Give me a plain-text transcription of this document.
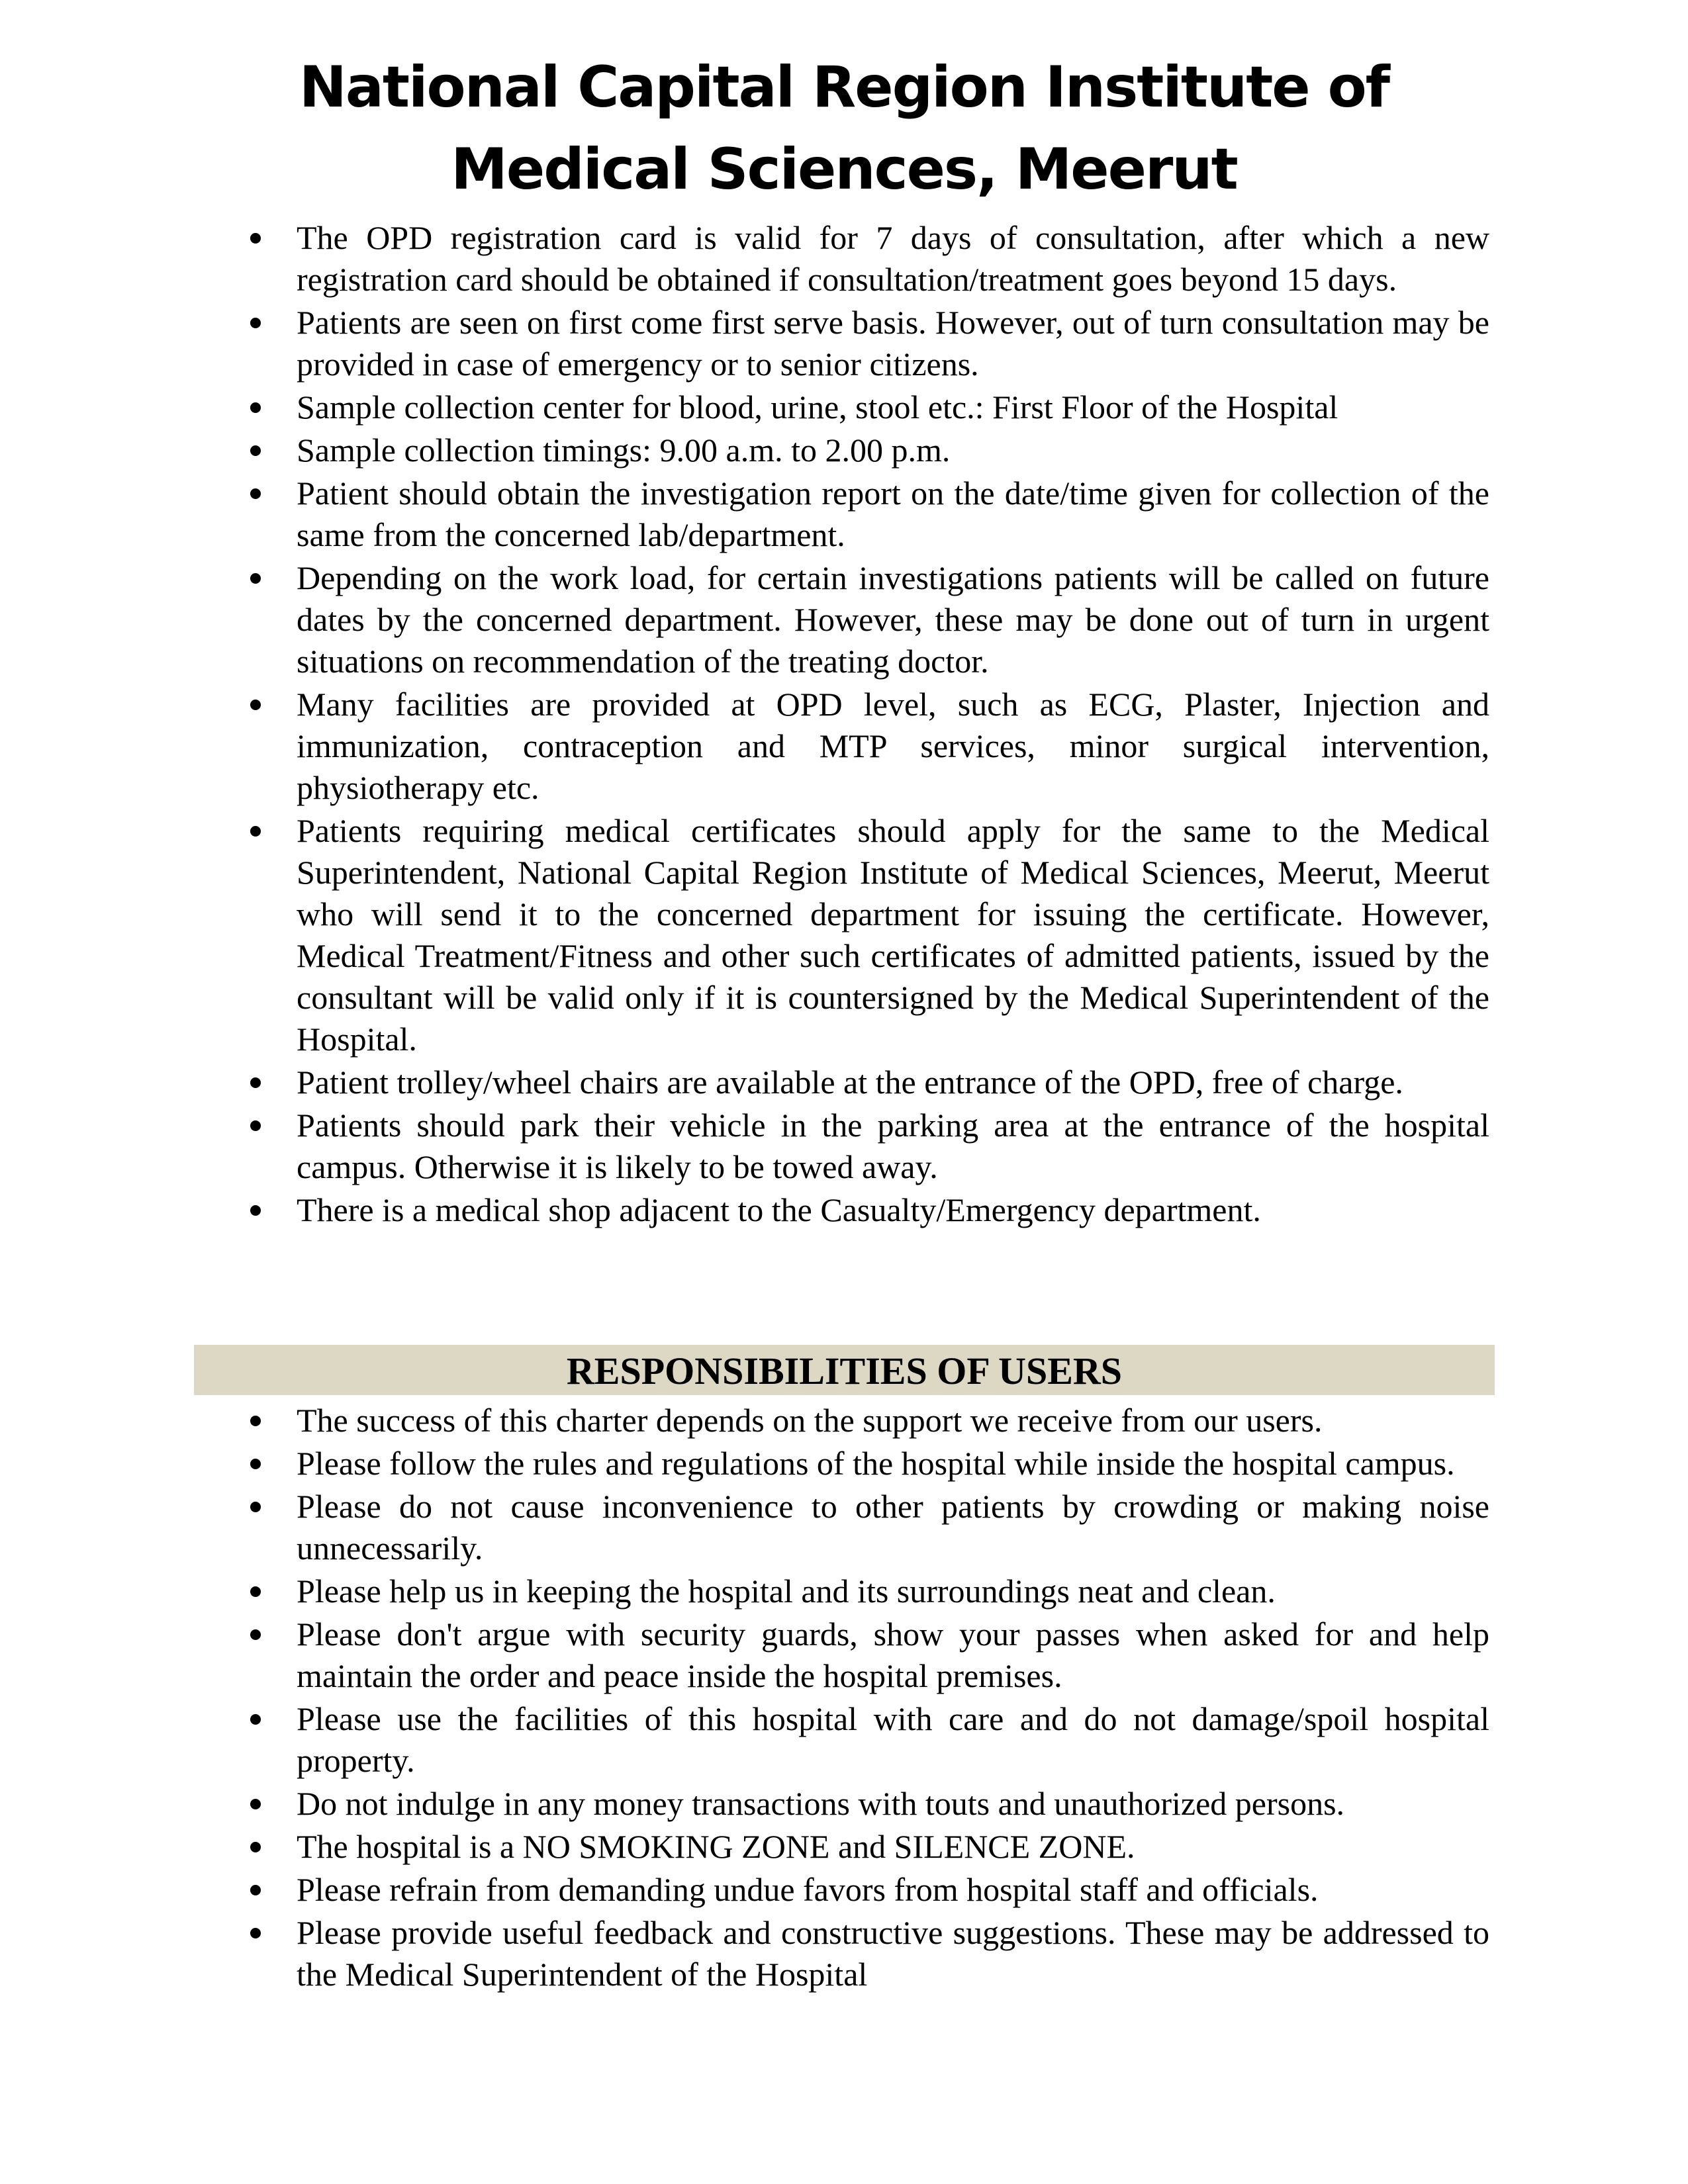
National Capital Region Institute of
Medical Sciences, Meerut
The OPD registration card is valid for 7 days of consultation, after which a new registration card should be obtained if consultation/treatment goes beyond 15 days.
Patients are seen on first come first serve basis. However, out of turn consultation may be provided in case of emergency or to senior citizens.
Sample collection center for blood, urine, stool etc.: First Floor of the Hospital
Sample collection timings: 9.00 a.m. to 2.00 p.m.
Patient should obtain the investigation report on the date/time given for collection of the same from the concerned lab/department.
Depending on the work load, for certain investigations patients will be called on future dates by the concerned department. However, these may be done out of turn in urgent situations on recommendation of the treating doctor.
Many facilities are provided at OPD level, such as ECG, Plaster, Injection and immunization, contraception and MTP services, minor surgical intervention, physiotherapy etc.
Patients requiring medical certificates should apply for the same to the Medical Superintendent, National Capital Region Institute of Medical Sciences, Meerut, Meerut who will send it to the concerned department for issuing the certificate. However, Medical Treatment/Fitness and other such certificates of admitted patients, issued by the consultant will be valid only if it is countersigned by the Medical Superintendent of the Hospital.
Patient trolley/wheel chairs are available at the entrance of the OPD, free of charge.
Patients should park their vehicle in the parking area at the entrance of the hospital campus. Otherwise it is likely to be towed away.
There is a medical shop adjacent to the Casualty/Emergency department.
RESPONSIBILITIES OF USERS
The success of this charter depends on the support we receive from our users.
Please follow the rules and regulations of the hospital while inside the hospital campus.
Please do not cause inconvenience to other patients by crowding or making noise unnecessarily.
Please help us in keeping the hospital and its surroundings neat and clean.
Please don't argue with security guards, show your passes when asked for and help maintain the order and peace inside the hospital premises.
Please use the facilities of this hospital with care and do not damage/spoil hospital property.
Do not indulge in any money transactions with touts and unauthorized persons.
The hospital is a NO SMOKING ZONE and SILENCE ZONE.
Please refrain from demanding undue favors from hospital staff and officials.
Please provide useful feedback and constructive suggestions. These may be addressed to the Medical Superintendent of the Hospital
